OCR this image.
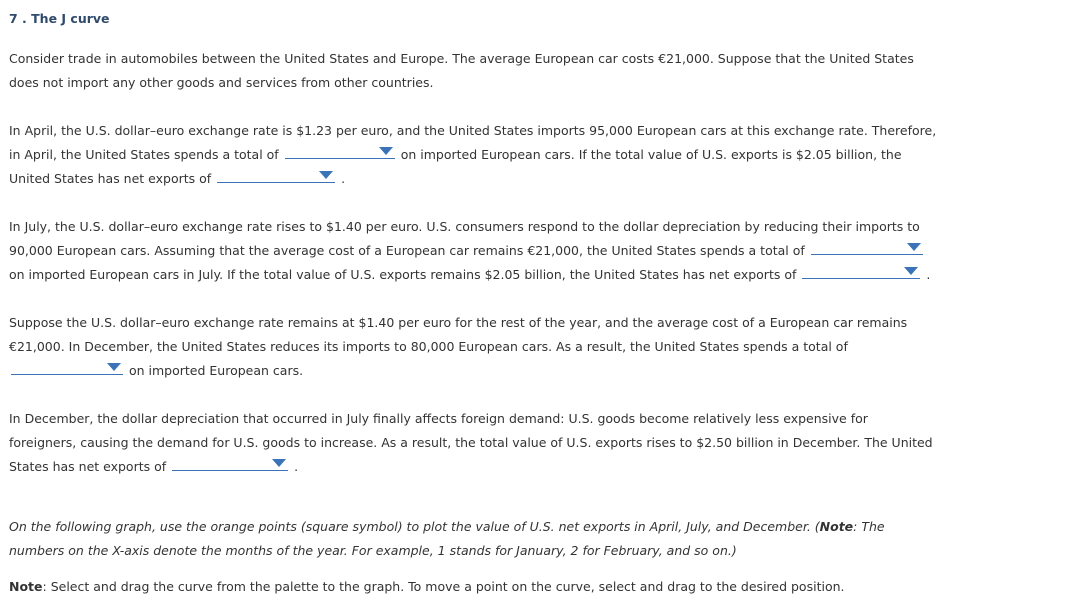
7 . The J curve
Consider trade in automobiles between the United States and Europe. The average European car costs €21,000. Suppose that the United States does not import any other goods and services from other countries.
In April, the U.S. dollar–euro exchange rate is $1.23 per euro, and the United States imports 95,000 European cars at this exchange rate. Therefore, in April, the United States spends a total of	on imported European cars. If the total value of U.S. exports is $2.05 billion, the United States has net exports of	.
In July, the U.S. dollar–euro exchange rate rises to $1.40 per euro. U.S. consumers respond to the dollar depreciation by reducing their imports to 90,000 European cars. Assuming that the average cost of a European car remains €21,000, the United States spends a total of
on imported European cars in July. If the total value of U.S. exports remains $2.05 billion, the United States has net exports of	.
Suppose the U.S. dollar–euro exchange rate remains at $1.40 per euro for the rest of the year, and the average cost of a European car remains €21,000. In December, the United States reduces its imports to 80,000 European cars. As a result, the United States spends a total of
on imported European cars.
In December, the dollar depreciation that occurred in July finally affects foreign demand: U.S. goods become relatively less expensive for foreigners, causing the demand for U.S. goods to increase. As a result, the total value of U.S. exports rises to $2.50 billion in December. The United States has net exports of	.
On the following graph, use the orange points (square symbol) to plot the value of U.S. net exports in April, July, and December. (Note: The numbers on the X-axis denote the months of the year. For example, 1 stands for January, 2 for February, and so on.)
Note: Select and drag the curve from the palette to the graph. To move a point on the curve, select and drag to the desired position.
